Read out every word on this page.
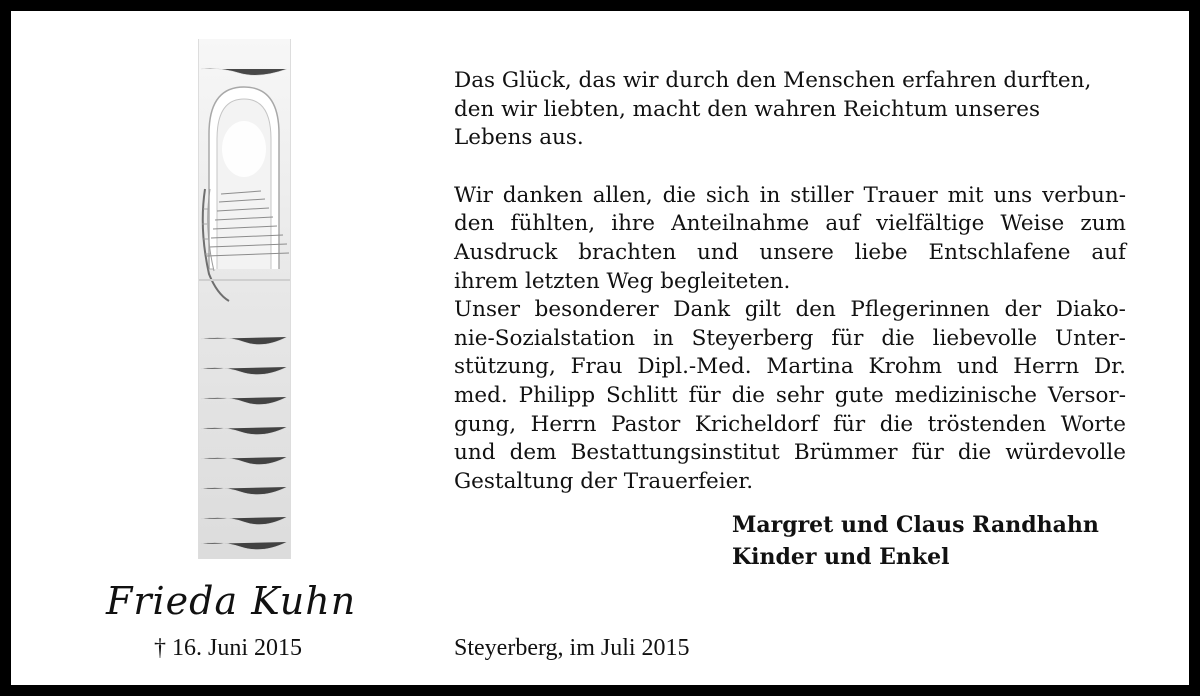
Frieda Kuhn
† 16. Juni 2015
Das Glück, das wir durch den Menschen erfahren durften,
den wir liebten, macht den wahren Reichtum unseres
Lebens aus.
Wir danken allen, die sich in stiller Trauer mit uns verbun-
den fühlten, ihre Anteilnahme auf vielfältige Weise zum
Ausdruck brachten und unsere liebe Entschlafene auf
ihrem letzten Weg begleiteten.
Unser besonderer Dank gilt den Pflegerinnen der Diako-
nie-Sozialstation in Steyerberg für die liebevolle Unter-
stützung, Frau Dipl.-Med. Martina Krohm und Herrn Dr.
med. Philipp Schlitt für die sehr gute medizinische Versor-
gung, Herrn Pastor Kricheldorf für die tröstenden Worte
und dem Bestattungsinstitut Brümmer für die würdevolle
Gestaltung der Trauerfeier.
Margret und Claus Randhahn
Kinder und Enkel
Steyerberg, im Juli 2015
